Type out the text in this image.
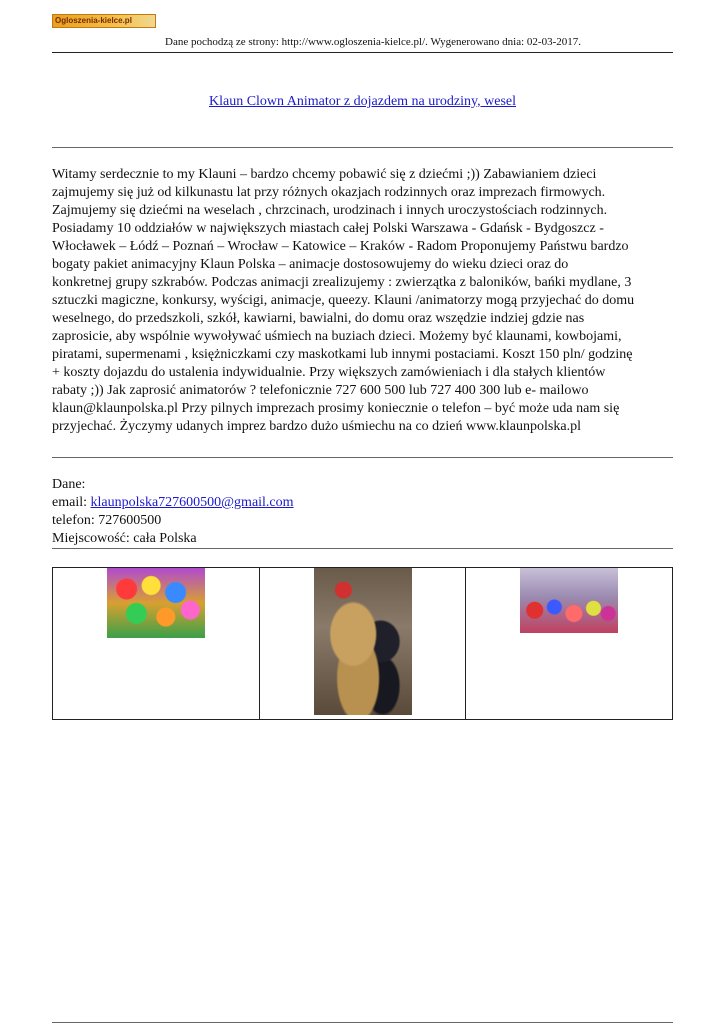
Ogloszenia-kielce.pl
Dane pochodzą ze strony: http://www.ogloszenia-kielce.pl/. Wygenerowano dnia: 02-03-2017.
Klaun Clown Animator z dojazdem na urodziny, wesel
Witamy serdecznie to my Klauni – bardzo chcemy pobawić się z dziećmi ;)) Zabawianiem dzieci
zajmujemy się już od kilkunastu lat przy różnych okazjach rodzinnych oraz imprezach firmowych.
Zajmujemy się dziećmi na weselach , chrzcinach, urodzinach i innych uroczystościach rodzinnych.
Posiadamy 10 oddziałów w największych miastach całej Polski Warszawa - Gdańsk - Bydgoszcz -
Włocławek – Łódź – Poznań – Wrocław – Katowice – Kraków - Radom Proponujemy Państwu bardzo
bogaty pakiet animacyjny Klaun Polska – animacje dostosowujemy do wieku dzieci oraz do
konkretnej grupy szkrabów. Podczas animacji zrealizujemy : zwierzątka z baloników, bańki mydlane, 3
sztuczki magiczne, konkursy, wyścigi, animacje, queezy. Klauni /animatorzy mogą przyjechać do domu
weselnego, do przedszkoli, szkół, kawiarni, bawialni, do domu oraz wszędzie indziej gdzie nas
zaprosicie, aby wspólnie wywoływać uśmiech na buziach dzieci. Możemy być klaunami, kowbojami,
piratami, supermenami , księżniczkami czy maskotkami lub innymi postaciami. Koszt 150 pln/ godzinę
+ koszty dojazdu do ustalenia indywidualnie. Przy większych zamówieniach i dla stałych klientów
rabaty ;)) Jak zaprosić animatorów ? telefonicznie 727 600 500 lub 727 400 300 lub e- mailowo
klaun@klaunpolska.pl Przy pilnych imprezach prosimy koniecznie o telefon – być może uda nam się
przyjechać. Życzymy udanych imprez bardzo dużo uśmiechu na co dzień www.klaunpolska.pl
Dane:
email: klaunpolska727600500@gmail.com
telefon: 727600500
Miejscowość: cała Polska
